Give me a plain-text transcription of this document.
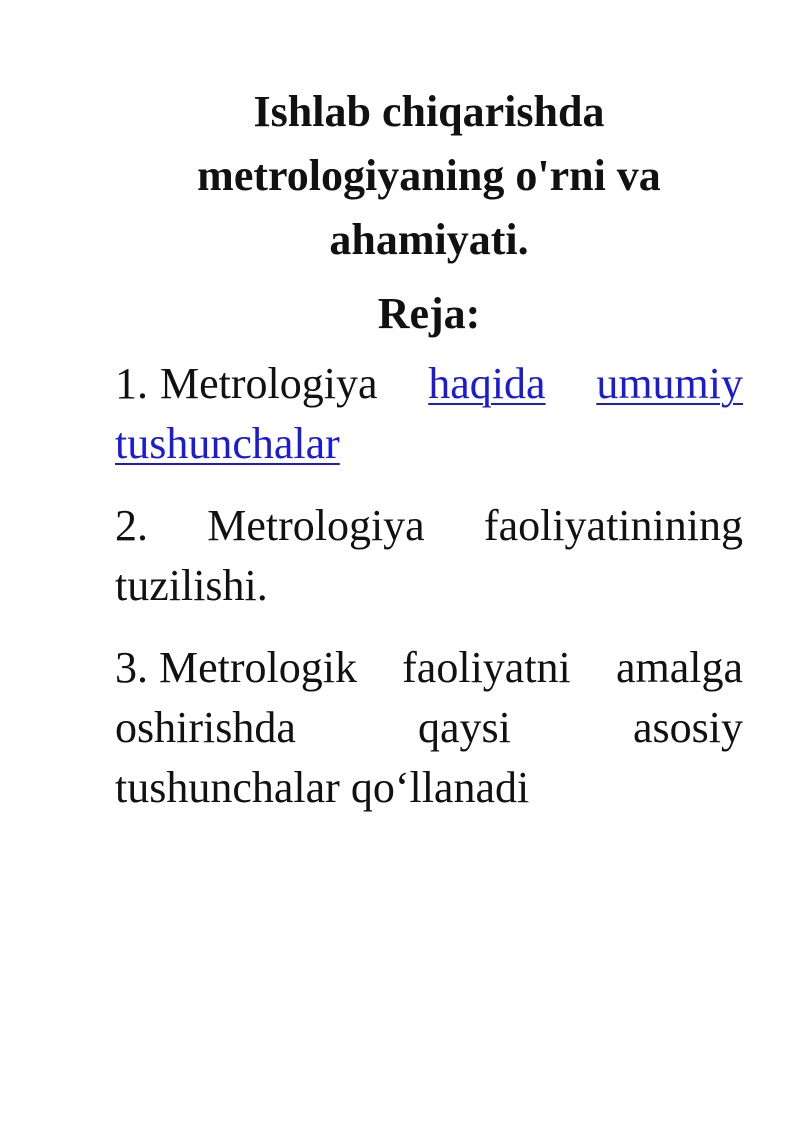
Ishlab chiqarishda
metrologiyaning o'rni va
ahamiyati.
Reja:
1. Metrologiya haqida umumiy
tushunchalar
2. Metrologiya faoliyatinining
tuzilishi.
3. Metrologik faoliyatni amalga
oshirishda	qaysi	asosiy
tushunchalar qo‘llanadi
